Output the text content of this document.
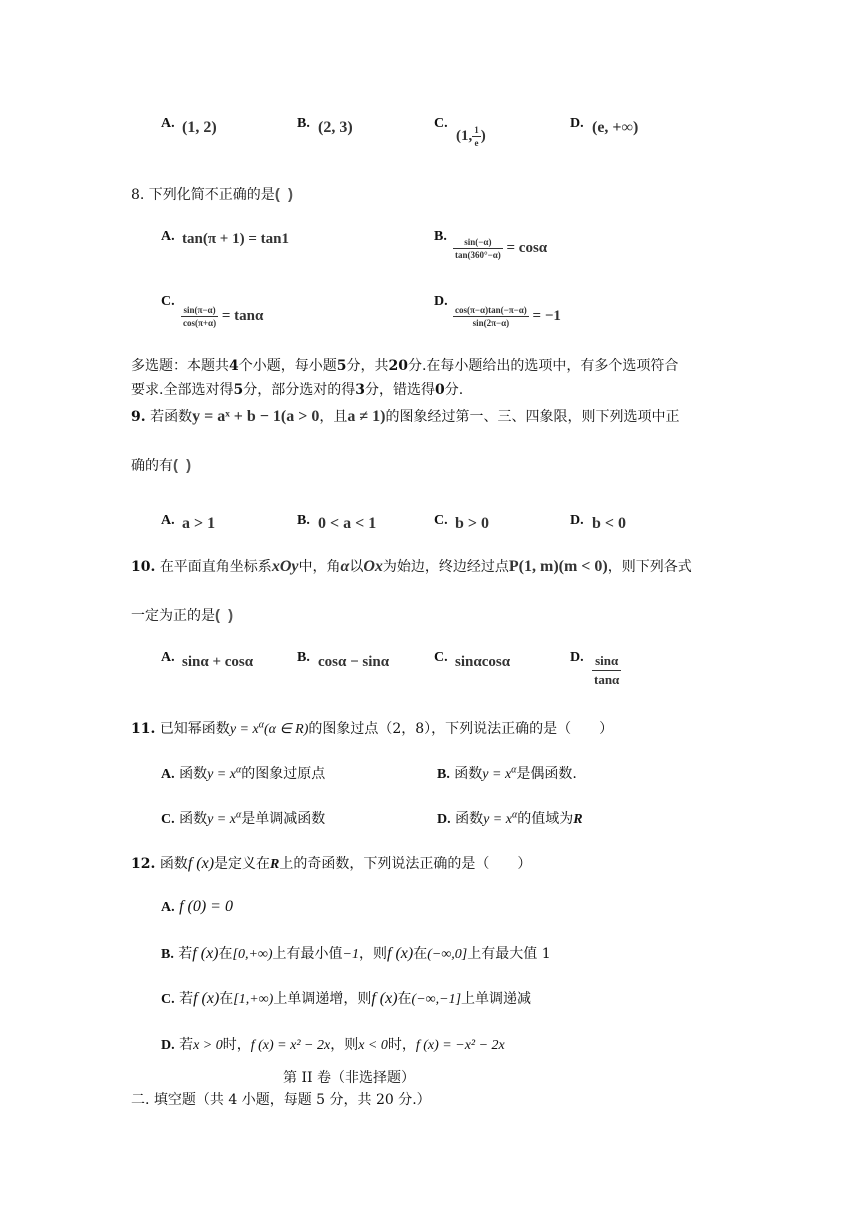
A. (1, 2)	B. (2, 3)	C.
(1, $\frac{1}{e}$ )
D. (e, +∞)
8. 下列化简不正确的是( )
A. tan(π + 1) = tan1	B. $\frac{\sin(-\alpha)}{\tan(360^\circ-\alpha)} = \cos\alpha$
C.
$\frac{\sin(\pi-\alpha)}{\cos(\pi+\alpha)} = \tan\alpha$
D.
$\frac{\cos(\pi-\alpha)\tan(-\pi-\alpha)}{\sin(2\pi-\alpha)} = -1$
多选题：本题共4个小题，每小题5分，共20分.在每小题给出的选项中，有多个选项符合
要求.全部选对得5分，部分选对的得3分，错选得0分.
9. 若函数y = aˣ + b − 1(a > 0，且a ≠ 1)的图象经过第一、三、四象限，则下列选项中正
确的有( )
A. a > 1	B. 0 < a < 1	C. b > 0	D. b < 0
10. 在平面直角坐标系xOy中，角α以Ox为始边，终边经过点P(1, m)(m < 0)，则下列各式
一定为正的是( )
A. sinα + cosα	B. cosα − sinα	C. sinαcosα	D. $\frac{\sin\alpha}{\tan\alpha}$
11. 已知幂函数$y = x^\alpha(\alpha$ ∈ R)的图象过点（2，8），下列说法正确的是（　　）
A. 函数$y = x^\alpha$的图象过原点	B. 函数$y = x^\alpha$是偶函数.
C. 函数$y = x^\alpha$是单调减函数	D. 函数$y = x^\alpha$的值域为R
12. 函数f (x)是定义在R上的奇函数，下列说法正确的是（　　）
A. f (0) = 0
B. 若f (x)在[0,+∞)上有最小值−1，则f (x)在(−∞,0]上有最大值 1
C. 若f (x)在[1,+∞)上单调递增，则f (x)在(−∞,−1]上单调递减
D. 若x > 0时，f (x) = x² − 2x，则x < 0时，f (x) = −x² − 2x
第 II 卷（非选择题）
二. 填空题（共 4 小题，每题 5 分，共 20 分.）
